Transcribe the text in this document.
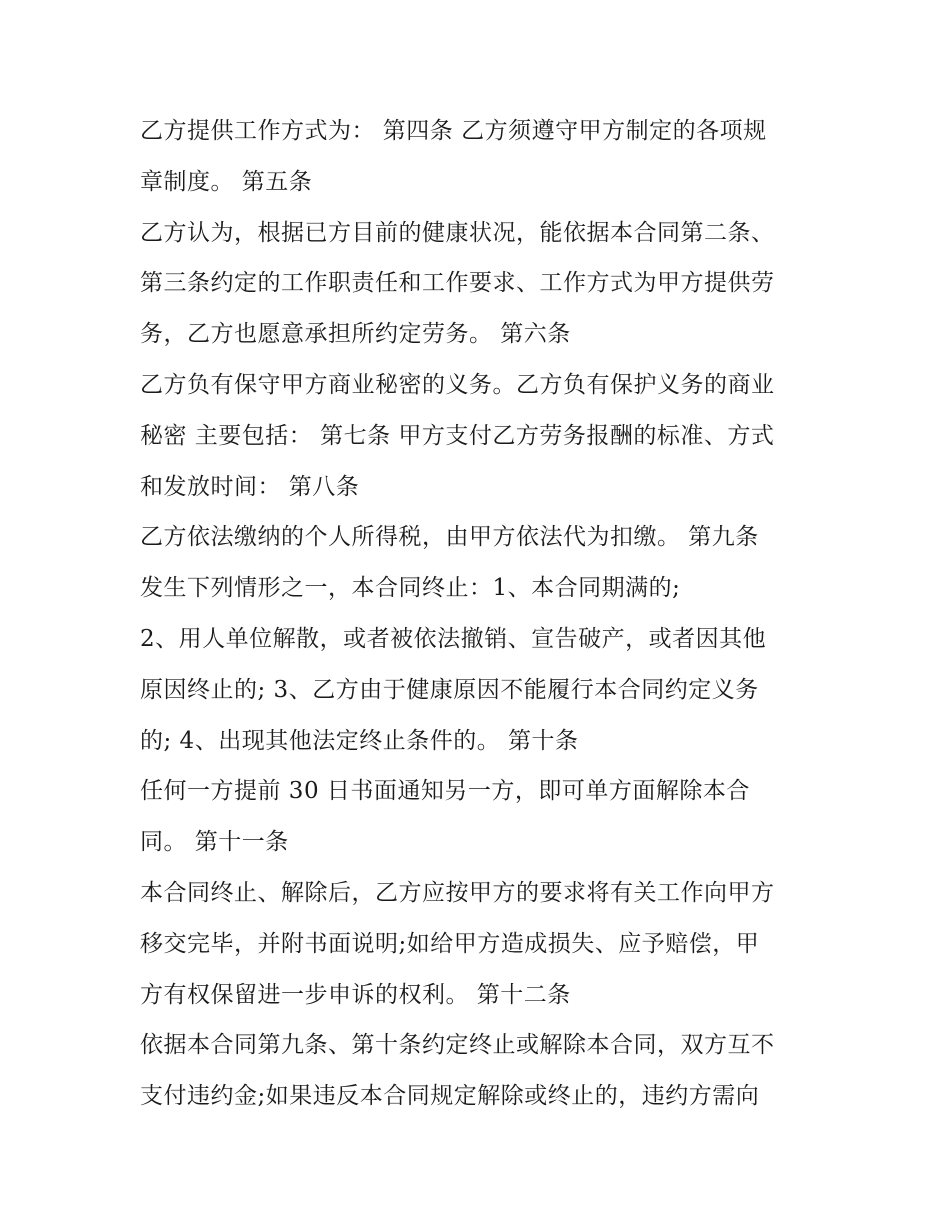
乙方提供工作方式为： 第四条 乙方须遵守甲方制定的各项规
章制度。 第五条
乙方认为，根据已方目前的健康状况，能依据本合同第二条、
第三条约定的工作职责任和工作要求、工作方式为甲方提供劳
务，乙方也愿意承担所约定劳务。 第六条
乙方负有保守甲方商业秘密的义务。乙方负有保护义务的商业
秘密 主要包括： 第七条 甲方支付乙方劳务报酬的标准、方式
和发放时间： 第八条
乙方依法缴纳的个人所得税，由甲方依法代为扣缴。 第九条
发生下列情形之一，本合同终止：1、本合同期满的;
2、用人单位解散，或者被依法撤销、宣告破产，或者因其他
原因终止的; 3、乙方由于健康原因不能履行本合同约定义务
的; 4、出现其他法定终止条件的。 第十条
任何一方提前 30 日书面通知另一方，即可单方面解除本合
同。 第十一条
本合同终止、解除后，乙方应按甲方的要求将有关工作向甲方
移交完毕，并附书面说明;如给甲方造成损失、应予赔偿，甲
方有权保留进一步申诉的权利。 第十二条
依据本合同第九条、第十条约定终止或解除本合同，双方互不
支付违约金;如果违反本合同规定解除或终止的，违约方需向
